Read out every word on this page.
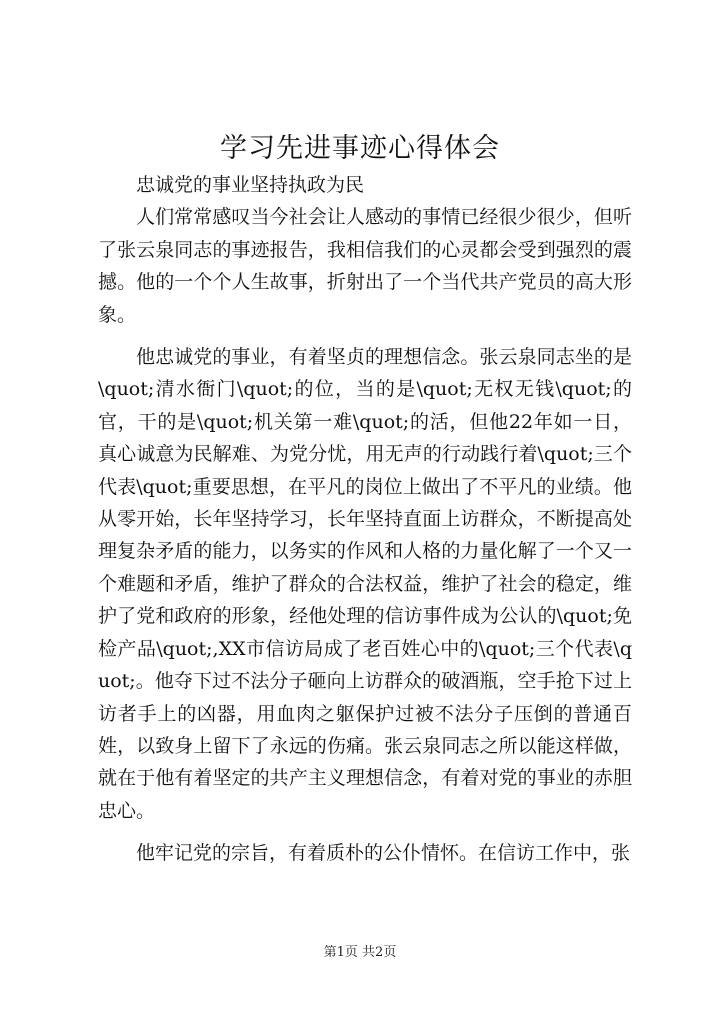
学习先进事迹心得体会

忠诚党的事业坚持执政为民

人们常常感叹当今社会让人感动的事情已经很少很少，但听了张云泉同志的事迹报告，我相信我们的心灵都会受到强烈的震撼。他的一个个人生故事，折射出了一个当代共产党员的高大形象。

他忠诚党的事业，有着坚贞的理想信念。张云泉同志坐的是\quot;清水衙门\quot;的位，当的是\quot;无权无钱\quot;的官，干的是\quot;机关第一难\quot;的活，但他22年如一日，真心诚意为民解难、为党分忧，用无声的行动践行着\quot;三个代表\quot;重要思想，在平凡的岗位上做出了不平凡的业绩。他从零开始，长年坚持学习，长年坚持直面上访群众，不断提高处理复杂矛盾的能力，以务实的作风和人格的力量化解了一个又一个难题和矛盾，维护了群众的合法权益，维护了社会的稳定，维护了党和政府的形象，经他处理的信访事件成为公认的\quot;免检产品\quot;,XX市信访局成了老百姓心中的\quot;三个代表\quot;。他夺下过不法分子砸向上访群众的破酒瓶，空手抢下过上访者手上的凶器，用血肉之躯保护过被不法分子压倒的普通百姓，以致身上留下了永远的伤痛。张云泉同志之所以能这样做，就在于他有着坚定的共产主义理想信念，有着对党的事业的赤胆忠心。

他牢记党的宗旨，有着质朴的公仆情怀。在信访工作中，张

第1页 共2页
